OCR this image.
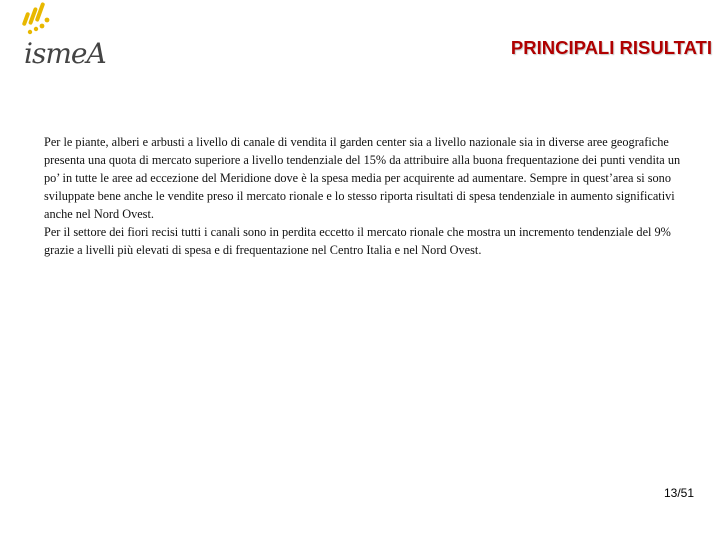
ismeA	PRINCIPALI RISULTATI

Per le piante, alberi e arbusti a livello di canale di vendita il garden center sia a livello nazionale sia in diverse aree geografiche presenta una quota di mercato superiore a livello tendenziale del 15% da attribuire alla buona frequentazione dei punti vendita un po’ in tutte le aree ad eccezione del Meridione dove è la spesa media per acquirente ad aumentare. Sempre in quest’area si sono sviluppate bene anche le vendite preso il mercato rionale e lo stesso riporta risultati di spesa tendenziale in aumento significativi anche nel Nord Ovest.

Per il settore dei fiori recisi tutti i canali sono in perdita eccetto il mercato rionale che mostra un incremento tendenziale del 9% grazie a livelli più elevati di spesa e di frequentazione nel Centro Italia e nel Nord Ovest.

13/51
